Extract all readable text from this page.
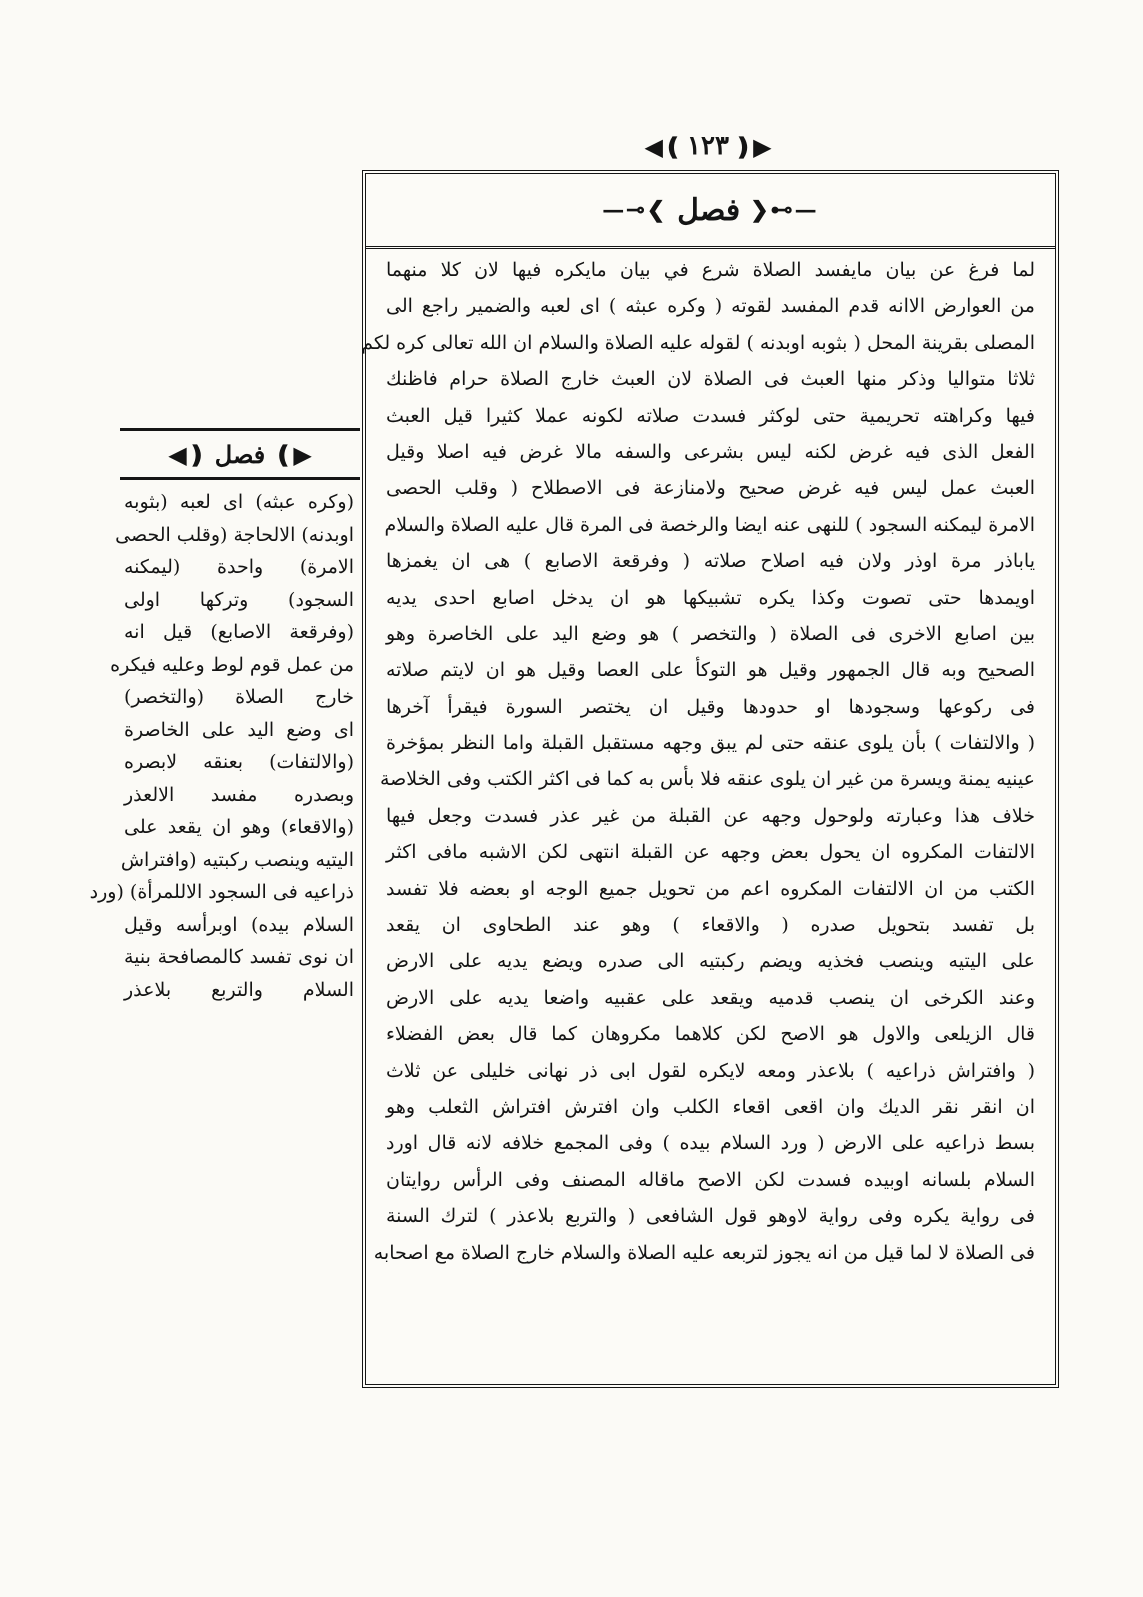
◀❪ ١٢٣ ❫▶
—⊸❮ فصل ❯⊷—
لما فرغ عن بيان مايفسد الصلاة شرع في بيان مايكره فيها لان كلا منهما
من العوارض الاانه قدم المفسد لقوته ( وكره عبثه ) اى لعبه والضمير راجع الى
المصلى بقرينة المحل ( بثوبه اوبدنه ) لقوله عليه الصلاة والسلام ان الله تعالى كره لكم
ثلاثا متواليا وذكر منها العبث فى الصلاة لان العبث خارج الصلاة حرام فاظنك
فيها وكراهته تحريمية حتى لوكثر فسدت صلاته لكونه عملا كثيرا قيل العبث
الفعل الذى فيه غرض لكنه ليس بشرعى والسفه مالا غرض فيه اصلا وقيل
العبث عمل ليس فيه غرض صحيح ولامنازعة فى الاصطلاح ( وقلب الحصى
الامرة ليمكنه السجود ) للنهى عنه ايضا والرخصة فى المرة قال عليه الصلاة والسلام
ياباذر مرة اوذر ولان فيه اصلاح صلاته ( وفرقعة الاصابع ) هى ان يغمزها
اويمدها حتى تصوت وكذا يكره تشبيكها هو ان يدخل اصابع احدى يديه
بين اصابع الاخرى فى الصلاة ( والتخصر ) هو وضع اليد على الخاصرة وهو
الصحيح وبه قال الجمهور وقيل هو التوكأ على العصا وقيل هو ان لايتم صلاته
فى ركوعها وسجودها او حدودها وقيل ان يختصر السورة فيقرأ آخرها
( والالتفات ) بأن يلوى عنقه حتى لم يبق وجهه مستقبل القبلة واما النظر بمؤخرة
عينيه يمنة ويسرة من غير ان يلوى عنقه فلا بأس به كما فى اكثر الكتب وفى الخلاصة
خلاف هذا وعبارته ولوحول وجهه عن القبلة من غير عذر فسدت وجعل فيها
الالتفات المكروه ان يحول بعض وجهه عن القبلة انتهى لكن الاشبه مافى اكثر
الكتب من ان الالتفات المكروه اعم من تحويل جميع الوجه او بعضه فلا تفسد
بل تفسد بتحويل صدره ( والاقعاء ) وهو عند الطحاوى ان يقعد
على اليتيه وينصب فخذيه ويضم ركبتيه الى صدره ويضع يديه على الارض
وعند الكرخى ان ينصب قدميه ويقعد على عقبيه واضعا يديه على الارض
قال الزيلعى والاول هو الاصح لكن كلاهما مكروهان كما قال بعض الفضلاء
( وافتراش ذراعيه ) بلاعذر ومعه لايكره لقول ابى ذر نهانى خليلى عن ثلاث
ان انقر نقر الديك وان اقعى اقعاء الكلب وان افترش افتراش الثعلب وهو
بسط ذراعيه على الارض ( ورد السلام بيده ) وفى المجمع خلافه لانه قال اورد
السلام بلسانه اوبيده فسدت لكن الاصح ماقاله المصنف وفى الرأس روايتان
فى رواية يكره وفى رواية لاوهو قول الشافعى ( والتربع بلاعذر ) لترك السنة
فى الصلاة لا لما قيل من انه يجوز لتربعه عليه الصلاة والسلام خارج الصلاة مع اصحابه
◀❫ فصل ❪▶
(وكره عبثه) اى لعبه (بثوبه
اوبدنه) الالحاجة (وقلب الحصى
الامرة) واحدة (ليمكنه
السجود) وتركها اولى
(وفرقعة الاصابع) قيل انه
من عمل قوم لوط وعليه فيكره
خارج الصلاة (والتخصر)
اى وضع اليد على الخاصرة
(والالتفات) بعنقه لابصره
وبصدره مفسد الالعذر
(والاقعاء) وهو ان يقعد على
اليتيه وينصب ركبتيه (وافتراش
ذراعيه فى السجود الاللمرأة) (ورد
السلام بيده) اوبرأسه وقيل
ان نوى تفسد كالمصافحة بنية
السلام والتربع بلاعذر
